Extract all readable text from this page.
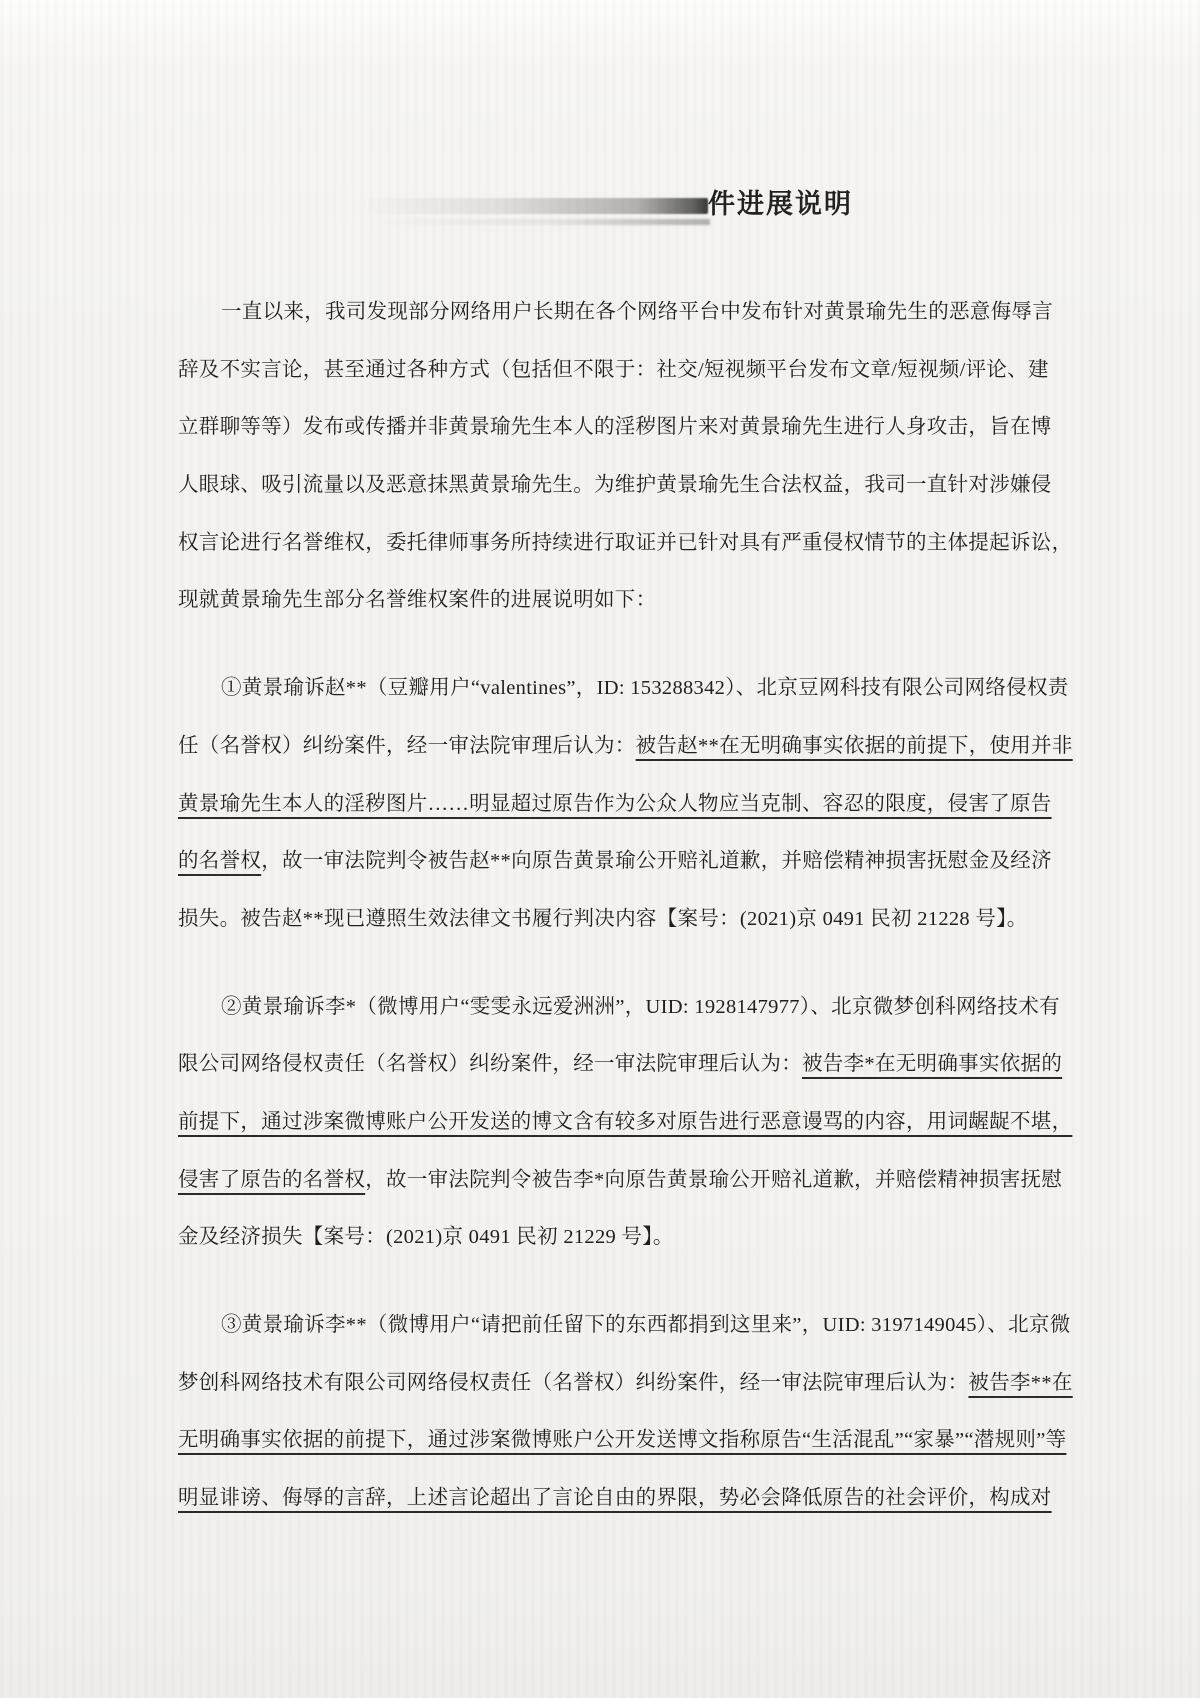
件进展说明
一直以来，我司发现部分网络用户长期在各个网络平台中发布针对黄景瑜先生的恶意侮辱言
辞及不实言论，甚至通过各种方式（包括但不限于：社交/短视频平台发布文章/短视频/评论、建
立群聊等等）发布或传播并非黄景瑜先生本人的淫秽图片来对黄景瑜先生进行人身攻击，旨在博
人眼球、吸引流量以及恶意抹黑黄景瑜先生。为维护黄景瑜先生合法权益，我司一直针对涉嫌侵
权言论进行名誉维权，委托律师事务所持续进行取证并已针对具有严重侵权情节的主体提起诉讼，
现就黄景瑜先生部分名誉维权案件的进展说明如下：
①黄景瑜诉赵**（豆瓣用户“valentines”，ID: 153288342）、北京豆网科技有限公司网络侵权责
任（名誉权）纠纷案件，经一审法院审理后认为：被告赵**在无明确事实依据的前提下，使用并非
黄景瑜先生本人的淫秽图片……明显超过原告作为公众人物应当克制、容忍的限度，侵害了原告
的名誉权，故一审法院判令被告赵**向原告黄景瑜公开赔礼道歉，并赔偿精神损害抚慰金及经济
损失。被告赵**现已遵照生效法律文书履行判决内容【案号：(2021)京 0491 民初 21228 号】。
②黄景瑜诉李*（微博用户“雯雯永远爱洲洲”，UID: 1928147977）、北京微梦创科网络技术有
限公司网络侵权责任（名誉权）纠纷案件，经一审法院审理后认为：被告李*在无明确事实依据的
前提下，通过涉案微博账户公开发送的博文含有较多对原告进行恶意谩骂的内容，用词龌龊不堪，
侵害了原告的名誉权，故一审法院判令被告李*向原告黄景瑜公开赔礼道歉，并赔偿精神损害抚慰
金及经济损失【案号：(2021)京 0491 民初 21229 号】。
③黄景瑜诉李**（微博用户“请把前任留下的东西都捐到这里来”，UID: 3197149045）、北京微
梦创科网络技术有限公司网络侵权责任（名誉权）纠纷案件，经一审法院审理后认为：被告李**在
无明确事实依据的前提下，通过涉案微博账户公开发送博文指称原告“生活混乱”“家暴”“潜规则”等
明显诽谤、侮辱的言辞，上述言论超出了言论自由的界限，势必会降低原告的社会评价，构成对
